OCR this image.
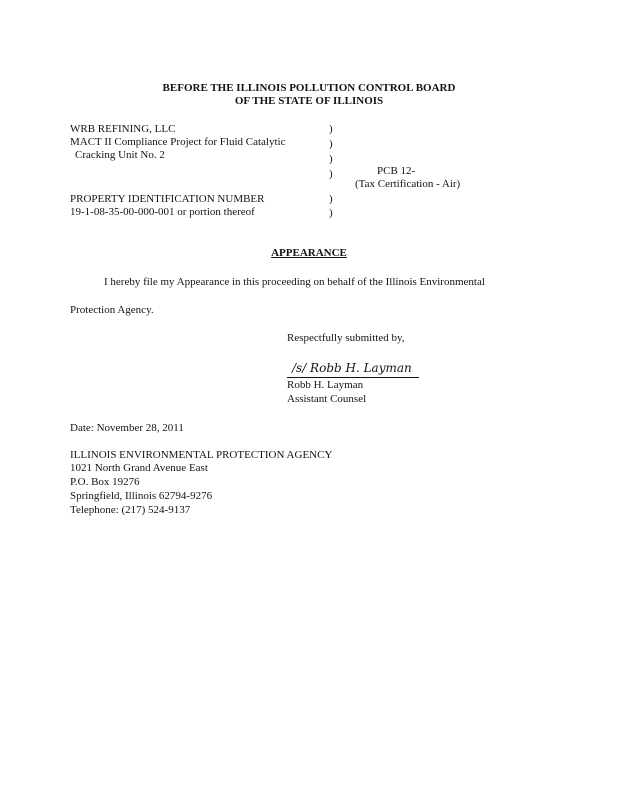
BEFORE THE ILLINOIS POLLUTION CONTROL BOARD
OF THE STATE OF ILLINOIS
WRB REFINING, LLC
MACT II Compliance Project for Fluid Catalytic
Cracking Unit No. 2
PROPERTY IDENTIFICATION NUMBER
19-1-08-35-00-000-001 or portion thereof
)
)
)
)
)
)
PCB 12-
(Tax Certification - Air)
APPEARANCE
I hereby file my Appearance in this proceeding on behalf of the Illinois Environmental
Protection Agency.
Respectfully submitted by,
/s/ Robb H. Layman
Robb H. Layman
Assistant Counsel
Date: November 28, 2011
ILLINOIS ENVIRONMENTAL PROTECTION AGENCY
1021 North Grand Avenue East
P.O. Box 19276
Springfield, Illinois 62794-9276
Telephone: (217) 524-9137
